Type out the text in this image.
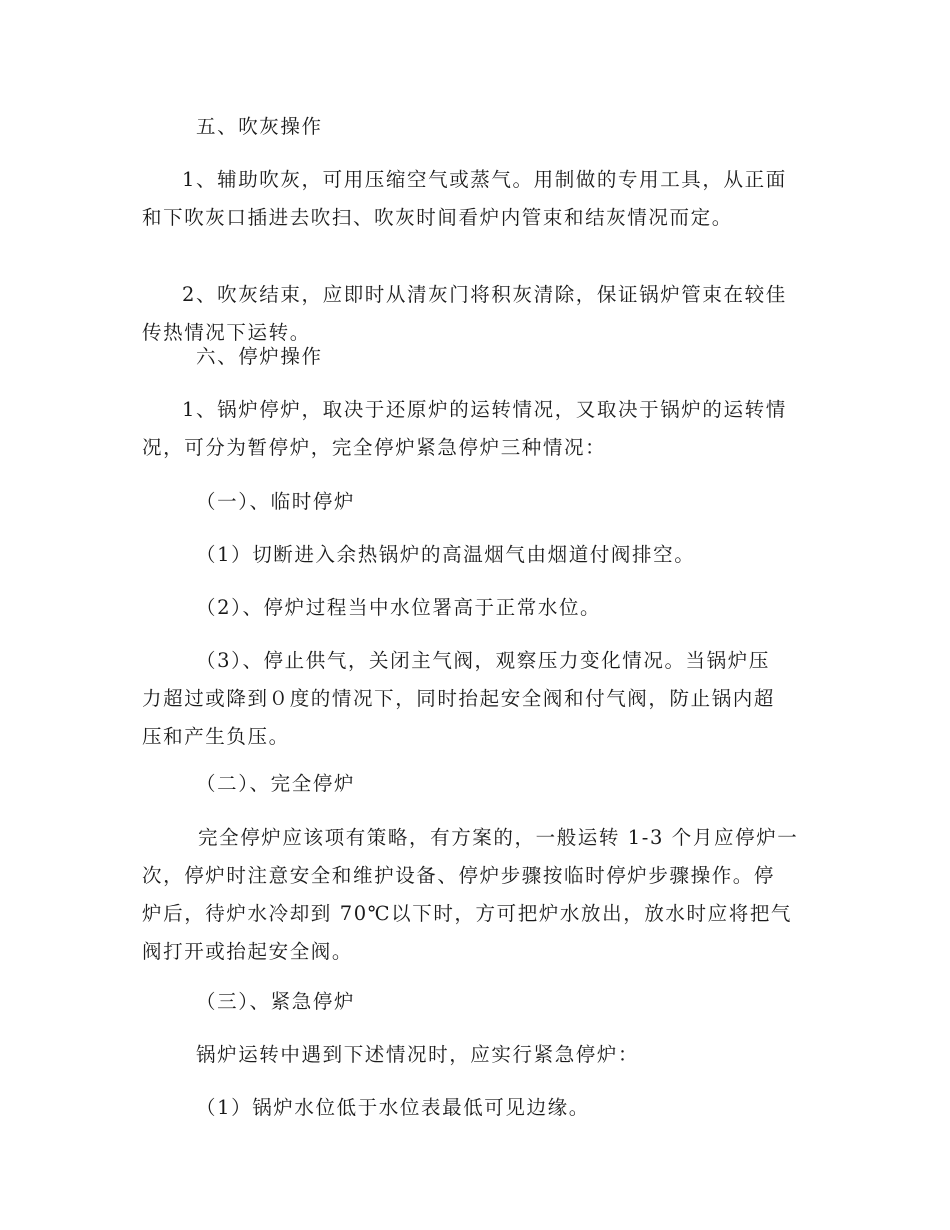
五、吹灰操作

1、辅助吹灰，可用压缩空气或蒸气。用制做的专用工具，从正面
和下吹灰口插进去吹扫、吹灰时间看炉内管束和结灰情况而定。

2、吹灰结束，应即时从清灰门将积灰清除，保证锅炉管束在较佳
传热情况下运转。

六、停炉操作

1、锅炉停炉，取决于还原炉的运转情况，又取决于锅炉的运转情
况，可分为暂停炉，完全停炉紧急停炉三种情况：

（一）、临时停炉

（1）切断进入余热锅炉的高温烟气由烟道付阀排空。

（2）、停炉过程当中水位署高于正常水位。

（3）、停止供气，关闭主气阀，观察压力变化情况。当锅炉压
力超过或降到０度的情况下，同时抬起安全阀和付气阀，防止锅内超
压和产生负压。

（二）、完全停炉

完全停炉应该项有策略，有方案的，一般运转 1-3 个月应停炉一
次，停炉时注意安全和维护设备、停炉步骤按临时停炉步骤操作。停
炉后，待炉水冷却到 70℃以下时，方可把炉水放出，放水时应将把气
阀打开或抬起安全阀。

（三）、紧急停炉

锅炉运转中遇到下述情况时，应实行紧急停炉：

（1）锅炉水位低于水位表最低可见边缘。
